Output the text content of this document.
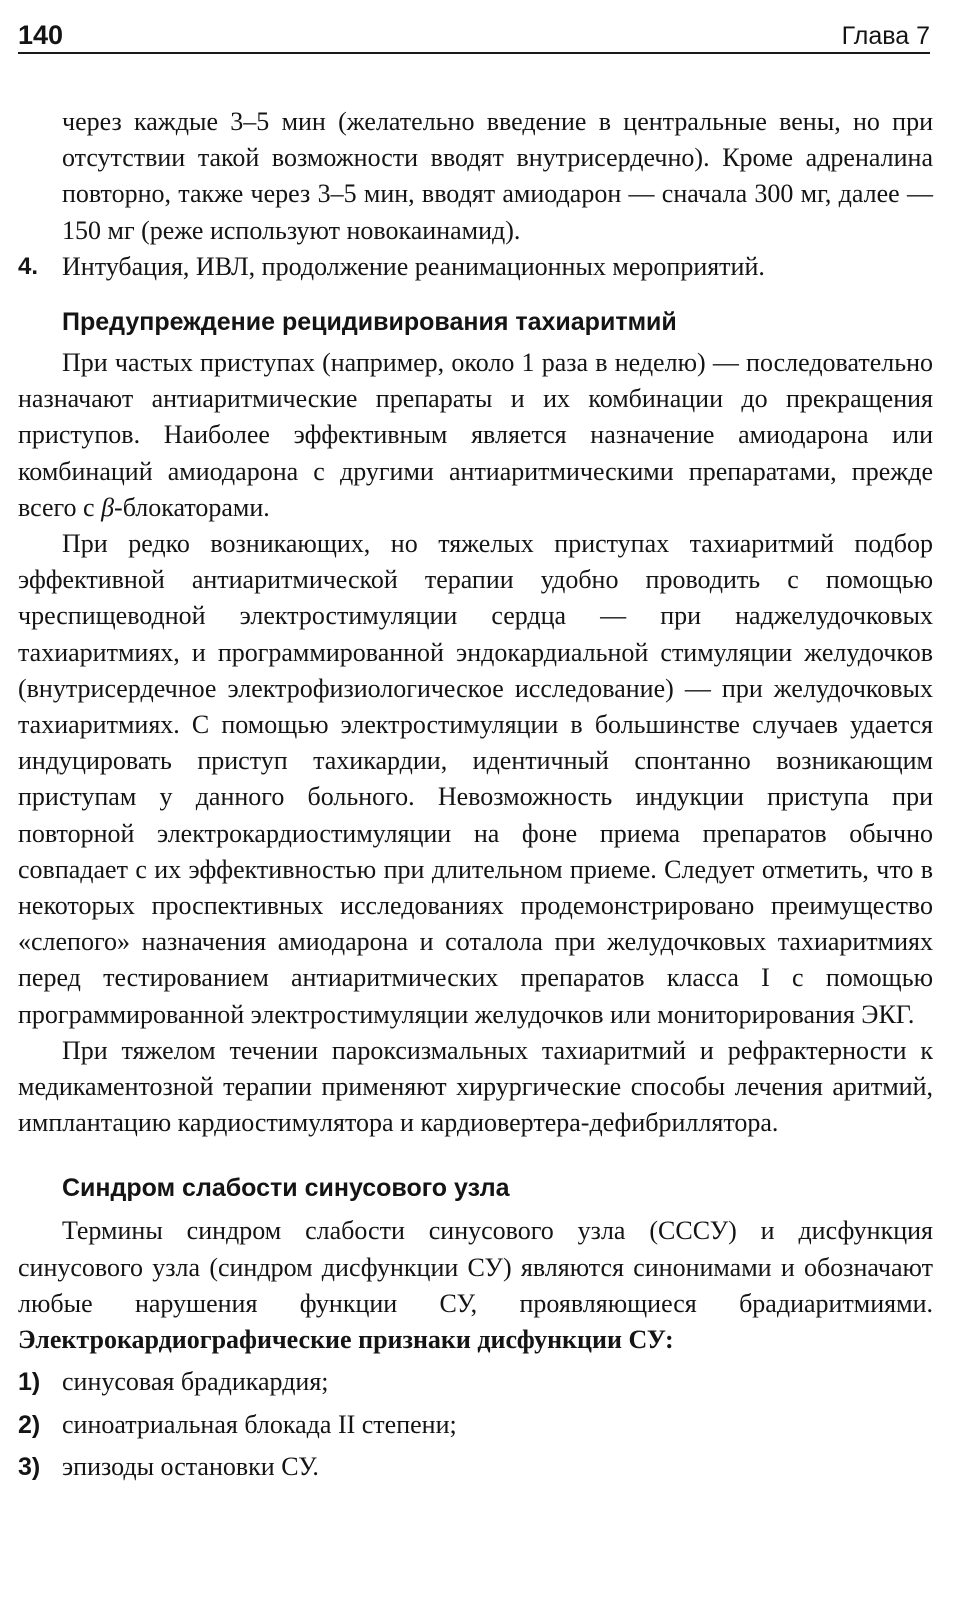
140	Глава 7

через каждые 3–5 мин (желательно введение в центральные вены, но при отсутствии такой возможности вводят внутрисердечно). Кроме адреналина повторно, также через 3–5 мин, вводят амиодарон — сначала 300 мг, далее — 150 мг (реже используют новокаинамид).

4. Интубация, ИВЛ, продолжение реанимационных мероприятий.
Предупреждение рецидивирования тахиаритмий

При частых приступах (например, около 1 раза в неделю) — последовательно назначают антиаритмические препараты и их комбинации до прекращения приступов. Наиболее эффективным является назначение амиодарона или комбинаций амиодарона с другими антиаритмическими препаратами, прежде всего с β-блокаторами.

При редко возникающих, но тяжелых приступах тахиаритмий подбор эффективной антиаритмической терапии удобно проводить с помощью чреспищеводной электростимуляции сердца — при наджелудочковых тахиаритмиях, и программированной эндокардиальной стимуляции желудочков (внутрисердечное электрофизиологическое исследование) — при желудочковых тахиаритмиях. С помощью электростимуляции в большинстве случаев удается индуцировать приступ тахикардии, идентичный спонтанно возникающим приступам у данного больного. Невозможность индукции приступа при повторной электрокардиостимуляции на фоне приема препаратов обычно совпадает с их эффективностью при длительном приеме. Следует отметить, что в некоторых проспективных исследованиях продемонстрировано преимущество «слепого» назначения амиодарона и соталола при желудочковых тахиаритмиях перед тестированием антиаритмических препаратов класса I с помощью программированной электростимуляции желудочков или мониторирования ЭКГ.

При тяжелом течении пароксизмальных тахиаритмий и рефрактерности к медикаментозной терапии применяют хирургические способы лечения аритмий, имплантацию кардиостимулятора и кардиовертера-дефибриллятора.

Синдром слабости синусового узла

Термины синдром слабости синусового узла (СССУ) и дисфункция синусового узла (синдром дисфункции СУ) являются синонимами и обозначают любые нарушения функции СУ, проявляющиеся брадиаритмиями. Электрокардиографические признаки дисфункции СУ:

1) синусовая брадикардия;
2) синоатриальная блокада II степени;
3) эпизоды остановки СУ.
